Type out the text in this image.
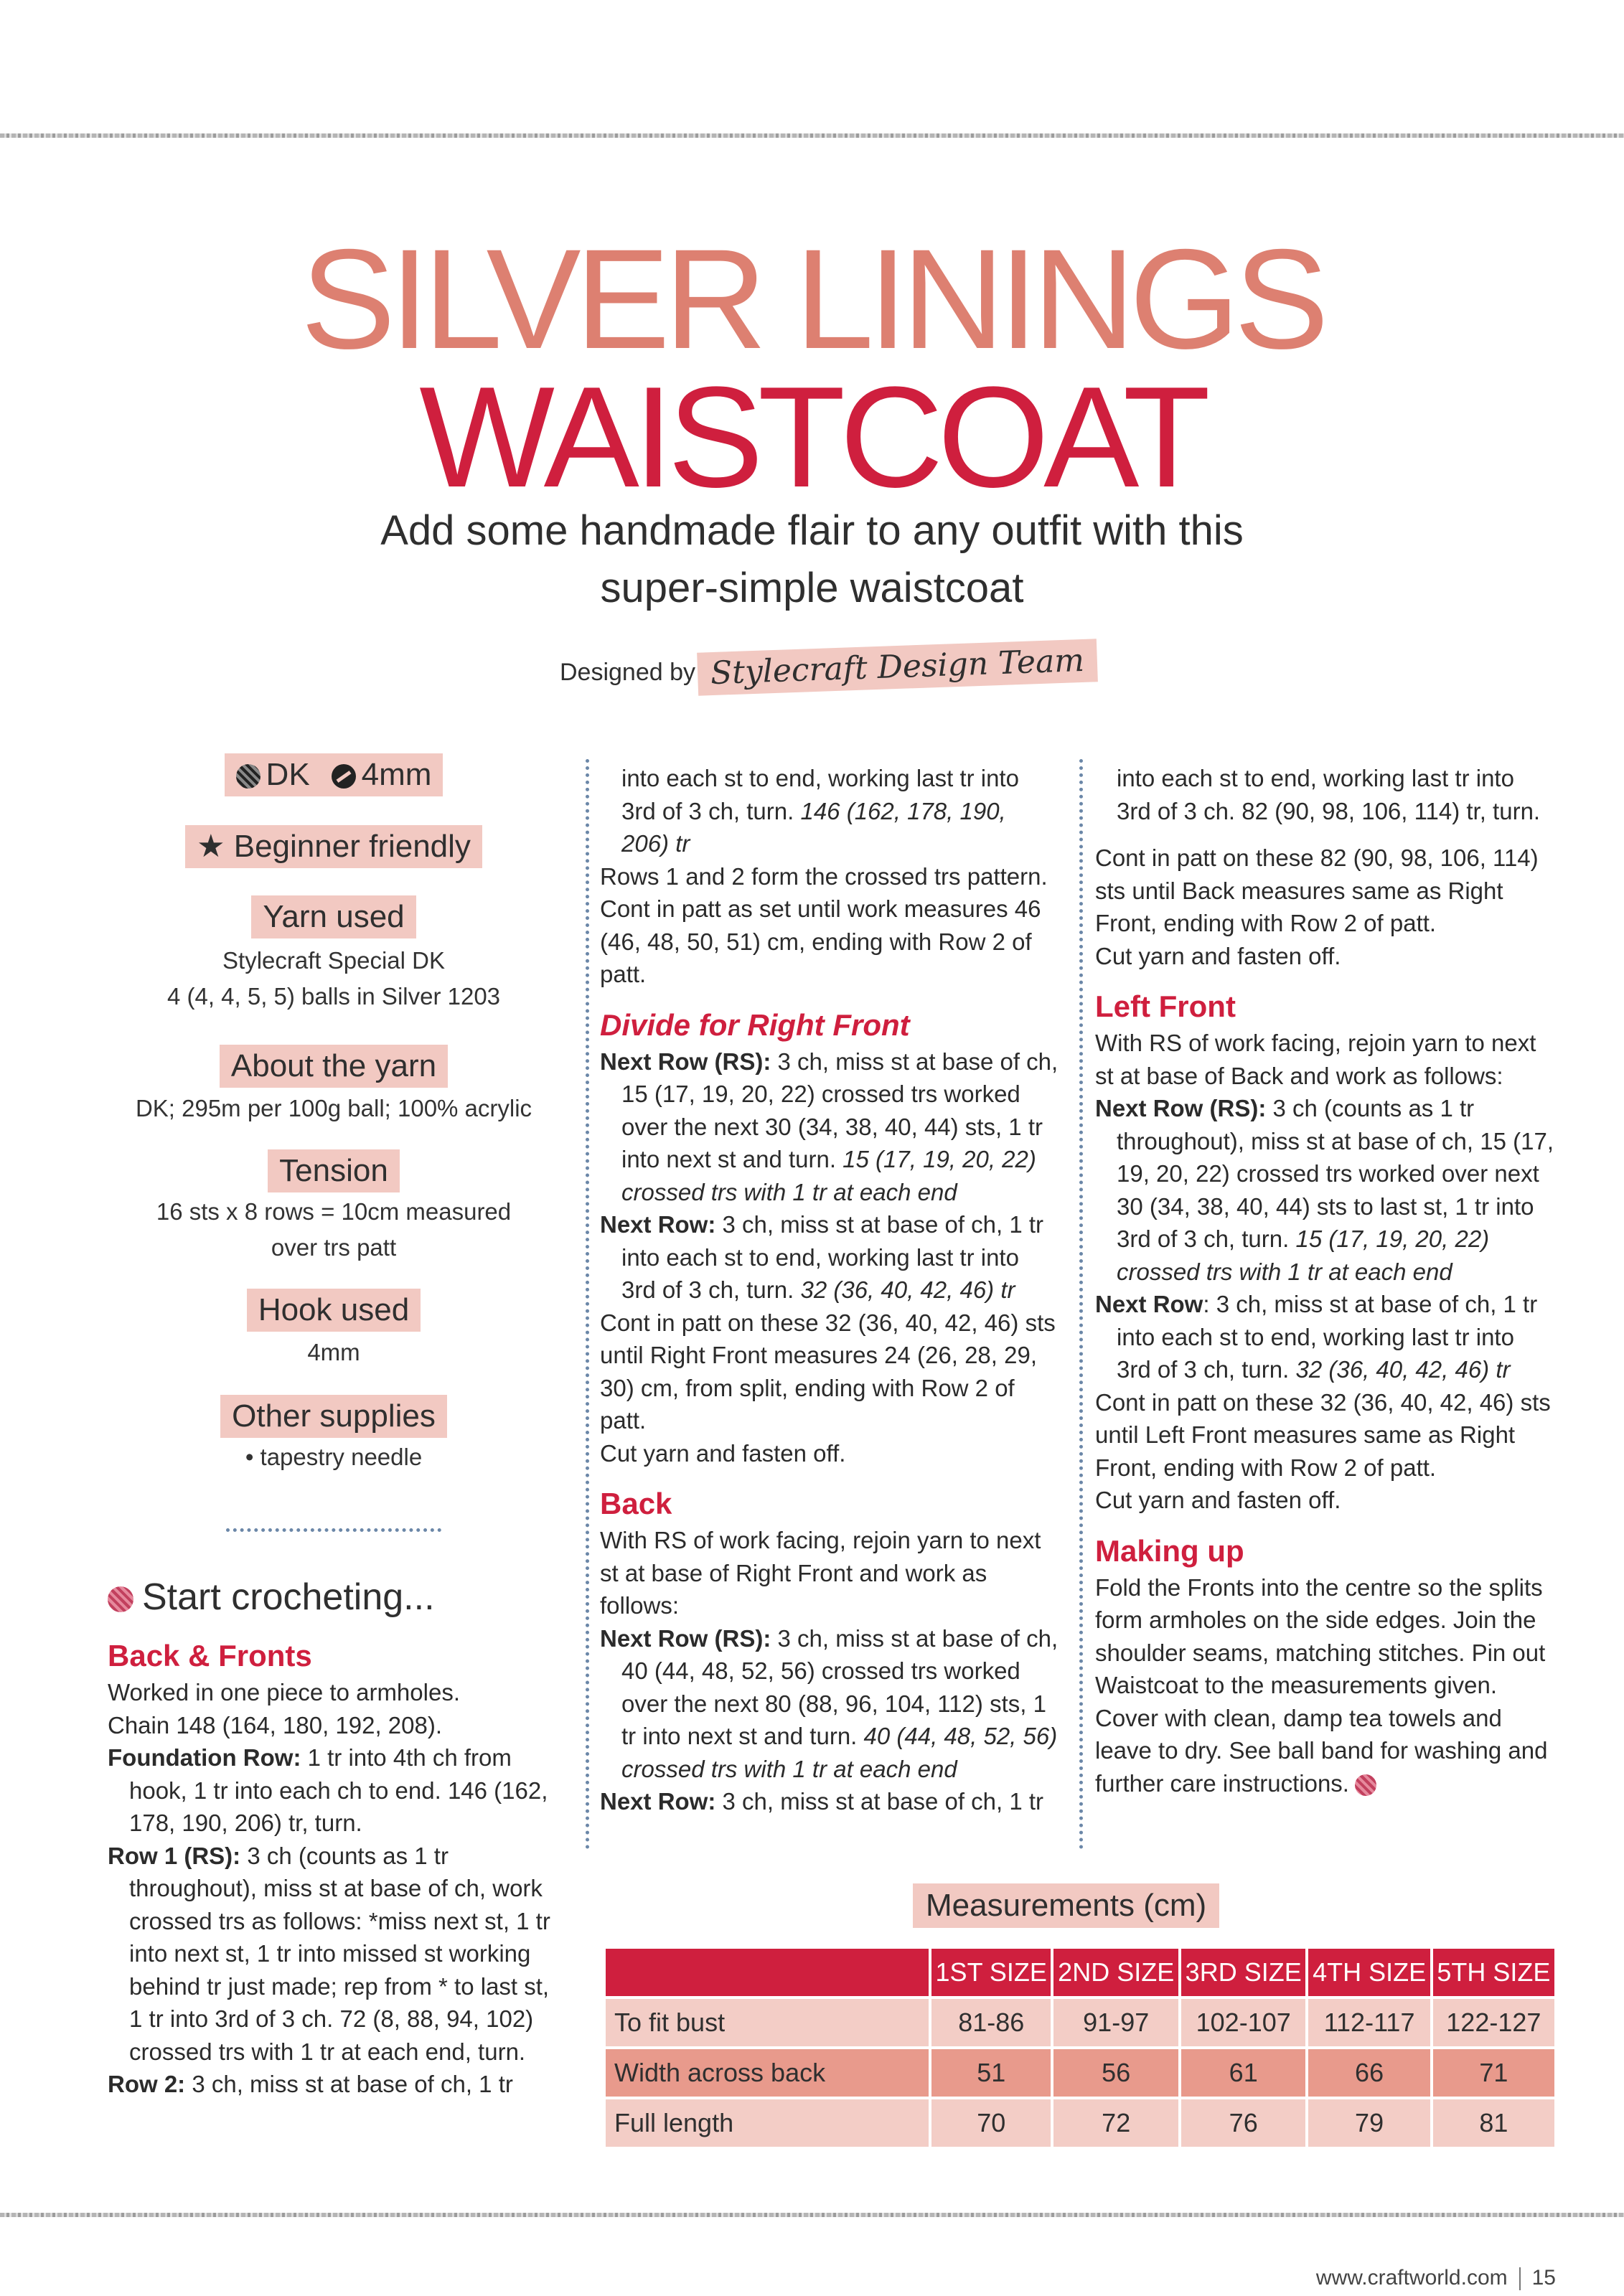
SILVER LININGS
WAISTCOAT
Add some handmade flair to any outfit with this
super-simple waistcoat
Designed by Stylecraft Design Team
DK 4mm
★ Beginner friendly
Yarn used
Stylecraft Special DK
4 (4, 4, 5, 5) balls in Silver 1203
About the yarn
DK; 295m per 100g ball; 100% acrylic
Tension
16 sts x 8 rows = 10cm measured
over trs patt
Hook used
4mm
Other supplies
• tapestry needle
Start crocheting...

Back & Fronts

Worked in one piece to armholes.

Chain 148 (164, 180, 192, 208).

Foundation Row: 1 tr into 4th ch from hook, 1 tr into each ch to end. 146 (162, 178, 190, 206) tr, turn.

Row 1 (RS): 3 ch (counts as 1 tr throughout), miss st at base of ch, work crossed trs as follows: *miss next st, 1 tr into next st, 1 tr into missed st working behind tr just made; rep from * to last st, 1 tr into 3rd of 3 ch. 72 (8, 88, 94, 102) crossed trs with 1 tr at each end, turn.

Row 2: 3 ch, miss st at base of ch, 1 tr

into each st to end, working last tr into 3rd of 3 ch, turn. 146 (162, 178, 190, 206) tr

Rows 1 and 2 form the crossed trs pattern.

Cont in patt as set until work measures 46 (46, 48, 50, 51) cm, ending with Row 2 of patt.

Divide for Right Front

Next Row (RS): 3 ch, miss st at base of ch, 15 (17, 19, 20, 22) crossed trs worked over the next 30 (34, 38, 40, 44) sts, 1 tr into next st and turn. 15 (17, 19, 20, 22) crossed trs with 1 tr at each end

Next Row: 3 ch, miss st at base of ch, 1 tr into each st to end, working last tr into 3rd of 3 ch, turn. 32 (36, 40, 42, 46) tr

Cont in patt on these 32 (36, 40, 42, 46) sts until Right Front measures 24 (26, 28, 29, 30) cm, from split, ending with Row 2 of patt.

Cut yarn and fasten off.

Back

With RS of work facing, rejoin yarn to next st at base of Right Front and work as follows:

Next Row (RS): 3 ch, miss st at base of ch, 40 (44, 48, 52, 56) crossed trs worked over the next 80 (88, 96, 104, 112) sts, 1 tr into next st and turn. 40 (44, 48, 52, 56) crossed trs with 1 tr at each end

Next Row: 3 ch, miss st at base of ch, 1 tr

into each st to end, working last tr into 3rd of 3 ch. 82 (90, 98, 106, 114) tr, turn.

Cont in patt on these 82 (90, 98, 106, 114) sts until Back measures same as Right Front, ending with Row 2 of patt.

Cut yarn and fasten off.

Left Front

With RS of work facing, rejoin yarn to next st at base of Back and work as follows:

Next Row (RS): 3 ch (counts as 1 tr throughout), miss st at base of ch, 15 (17, 19, 20, 22) crossed trs worked over next 30 (34, 38, 40, 44) sts to last st, 1 tr into 3rd of 3 ch, turn. 15 (17, 19, 20, 22) crossed trs with 1 tr at each end

Next Row: 3 ch, miss st at base of ch, 1 tr into each st to end, working last tr into 3rd of 3 ch, turn. 32 (36, 40, 42, 46) tr

Cont in patt on these 32 (36, 40, 42, 46) sts until Left Front measures same as Right Front, ending with Row 2 of patt.

Cut yarn and fasten off.

Making up

Fold the Fronts into the centre so the splits form armholes on the side edges. Join the shoulder seams, matching stitches. Pin out Waistcoat to the measurements given. Cover with clean, damp tea towels and leave to dry. See ball band for washing and further care instructions.

Measurements (cm)
	1ST SIZE	2ND SIZE	3RD SIZE	4TH SIZE	5TH SIZE
To fit bust	81-86	91-97	102-107	112-117	122-127
Width across back	51	56	61	66	71
Full length	70	72	76	79	81
www.craftworld.com 15
